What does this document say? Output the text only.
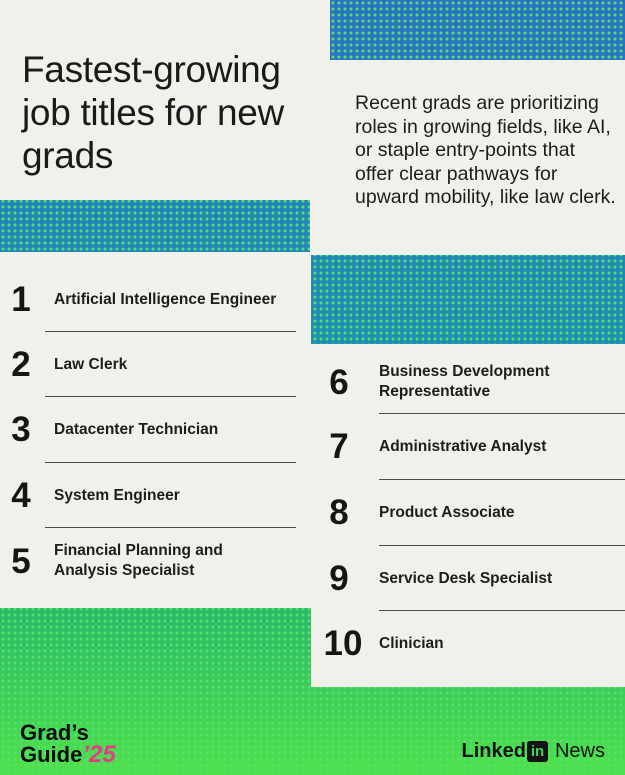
Fastest-growing job titles for new grads

Recent grads are prioritizing roles in growing fields, like AI, or staple entry-points that offer clear pathways for upward mobility, like law clerk.

1 Artificial Intelligence Engineer
2 Law Clerk
3 Datacenter Technician
4 System Engineer
5 Financial Planning and Analysis Specialist
6	Business Development Representative
7	Administrative Analyst
8	Product Associate
9	Service Desk Specialist
10 Clinician
Grad’s
Guide’25	Linked in News
